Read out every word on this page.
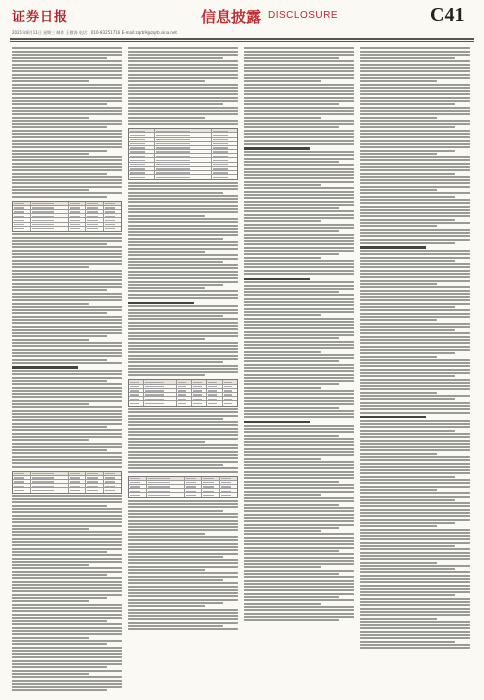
证券日报
2021年8月11日 星期三 制作 王敬涛 电话：010-83251716 E-mail:zqrb9@zqrb.sina.net
信息披露 DISCLOSURE	C41
